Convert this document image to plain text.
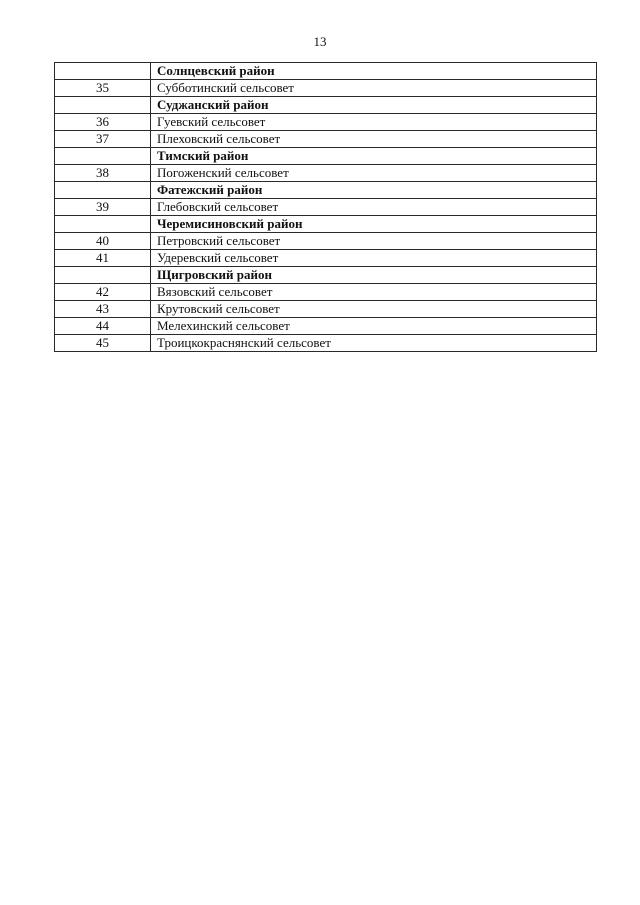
13
	Солнцевский район
35	Субботинский сельсовет
	Суджанский район
36	Гуевский сельсовет
37	Плеховский сельсовет
	Тимский район
38	Погоженский сельсовет
	Фатежский район
39	Глебовский сельсовет
	Черемисиновский район
40	Петровский сельсовет
41	Удеревский сельсовет
	Щигровский район
42	Вязовский сельсовет
43	Крутовский сельсовет
44	Мелехинский сельсовет
45	Троицкокраснянский сельсовет
